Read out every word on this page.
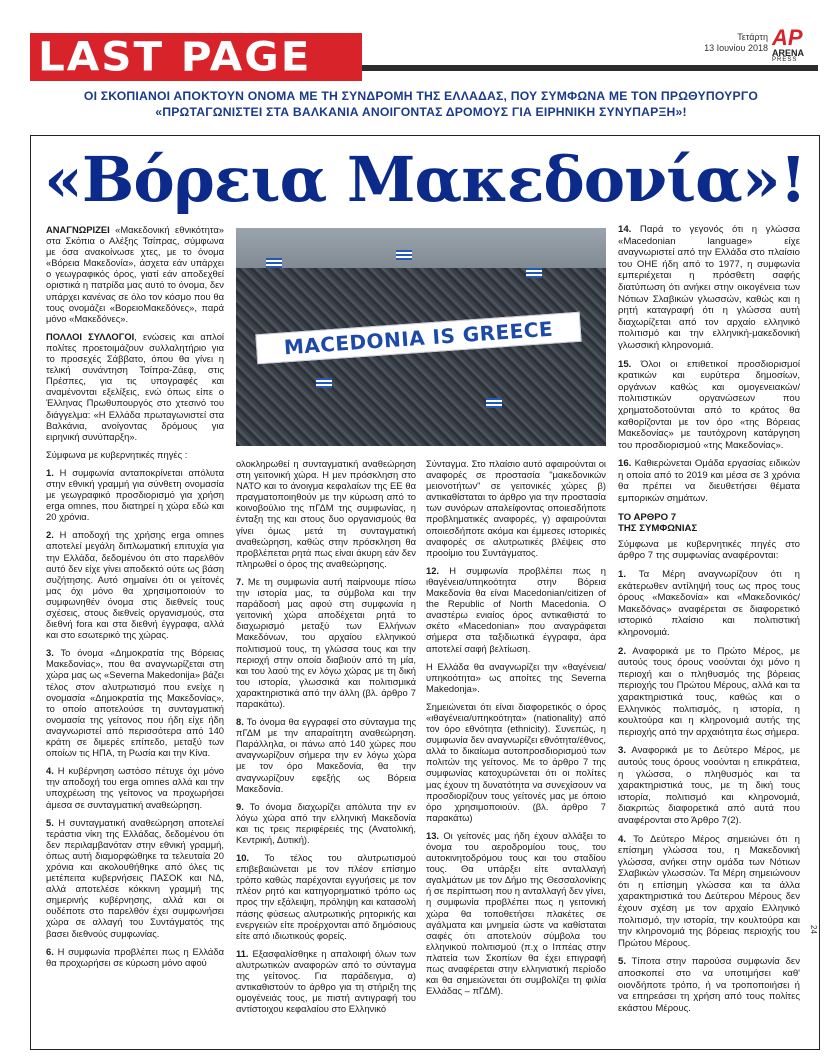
LAST PAGE	Τετάρτη
13 Ιουνίου 2018 AP
ARENA
PRESS
ΟΙ ΣΚΟΠΙΑΝΟΙ ΑΠΟΚΤΟΥΝ ΟΝΟΜΑ ΜΕ ΤΗ ΣΥΝΔΡΟΜΗ ΤΗΣ ΕΛΛΑΔΑΣ, ΠΟΥ ΣΥΜΦΩΝΑ ΜΕ ΤΟΝ ΠΡΩΘΥΠΟΥΡΓΟ «ΠΡΩΤΑΓΩΝΙΣΤΕΙ ΣΤΑ ΒΑΛΚΑΝΙΑ ΑΝΟΙΓΟΝΤΑΣ ΔΡΟΜΟΥΣ ΓΙΑ ΕΙΡΗΝΙΚΗ ΣΥΝΥΠΑΡΞΗ»!
«Βόρεια Μακεδονία»!
MACEDONIA IS GREECE

ΑΝΑΓΝΩΡΙΖΕΙ «Μακεδονική εθνικότητα» στα Σκόπια ο Αλέξης Τσίπρας, σύμφωνα με όσα ανακοίνωσε χτες, με το όνομα «Βόρεια Μακεδονία», άσχετα εάν υπάρχει ο γεωγραφικός όρος, γιατί εάν αποδεχθεί οριστικά η πατρίδα μας αυτό το όνομα, δεν υπάρχει κανένας σε όλο τον κόσμο που θα τους ονομάζει «ΒορειοΜακεδόνες», παρά μόνο «Μακεδόνες».

ΠΟΛΛΟΙ ΣΥΛΛΟΓΟΙ, ενώσεις και απλοί πολίτες προετοιμάζουν συλλαλητήριο για το προσεχές Σάββατο, όπου θα γίνει η τελική συνάντηση Τσίπρα-Ζάεφ, στις Πρέσπες, για τις υπογραφές και αναμένονται εξελίξεις, ενώ όπως είπε ο Έλληνας Πρωθυπουργός στο χτεσινό του διάγγελμα: «Η Ελλάδα πρωταγωνιστεί στα Βαλκάνια, ανοίγοντας δρόμους για ειρηνική συνύπαρξη».

Σύμφωνα με κυβερνητικές πηγές :

1. Η συμφωνία ανταποκρίνεται απόλυτα στην εθνική γραμμή για σύνθετη ονομασία με γεωγραφικό προσδιορισμό για χρήση erga omnes, που διατηρεί η χώρα εδώ και 20 χρόνια.

2. Η αποδοχή της χρήσης erga omnes αποτελεί μεγάλη διπλωματική επιτυχία για την Ελλάδα, δεδομένου ότι στο παρελθόν αυτό δεν είχε γίνει αποδεκτό ούτε ως βάση συζήτησης. Αυτό σημαίνει ότι οι γείτονές μας όχι μόνο θα χρησιμοποιούν το συμφωνηθέν όνομα στις διεθνείς τους σχέσεις, στους διεθνείς οργανισμούς, στα διεθνή fora και στα διεθνή έγγραφα, αλλά και στο εσωτερικό της χώρας.

3. Το όνομα «Δημοκρατία της Βόρειας Μακεδονίας», που θα αναγνωρίζεται στη χώρα μας ως «Severna Makedonija» βάζει τέλος στον αλυτρωτισμό που ενείχε η ονομασία «Δημοκρατία της Μακεδονίας», το οποίο αποτελούσε τη συνταγματική ονομασία της γείτονος που ήδη είχε ήδη αναγνωριστεί από περισσότερα από 140 κράτη σε διμερές επίπεδο, μεταξύ των οποίων τις ΗΠΑ, τη Ρωσία και την Κίνα.

4. Η κυβέρνηση ωστόσο πέτυχε όχι μόνο την αποδοχή του erga omnes αλλά και την υποχρέωση της γείτονος να προχωρήσει άμεσα σε συνταγματική αναθεώρηση.

5. Η συνταγματική αναθεώρηση αποτελεί τεράστια νίκη της Ελλάδας, δεδομένου ότι δεν περιλαμβανόταν στην εθνική γραμμή, όπως αυτή διαμορφώθηκε τα τελευταία 20 χρόνια και ακολουθήθηκε από όλες τις μετέπειτα κυβερνήσεις ΠΑΣΟΚ και ΝΔ, αλλά αποτελέσε κόκκινη γραμμή της σημερινής κυβέρνησης, αλλά και οι ουδέποτε στο παρελθόν έχει συμφωνήσει χώρα σε αλλαγή του Συντάγματός της βασει διεθνούς συμφωνίας.

6. Η συμφωνία προβλέπει πως η Ελλάδα θα προχωρήσει σε κύρωση μόνο αφού

ολοκληρωθεί η συνταγματική αναθεώρηση στη γειτονική χώρα. Η μεν πρόσκληση στο ΝΑΤΟ και το άνοιγμα κεφαλαίων της ΕΕ θα πραγματοποιηθούν με την κύρωση από το κοινοβούλιο της πΓΔΜ της συμφωνίας, η ένταξη της και στους δυο οργανισμούς θα γίνει όμως μετά τη συνταγματική αναθεώρηση, καθώς στην πρόσκληση θα προβλέπεται ρητά πως είναι άκυρη εάν δεν πληρωθεί ο όρος της αναθεώρησης.

7. Με τη συμφωνία αυτή παίρνουμε πίσω την ιστορία μας, τα σύμβολα και την παράδοσή μας αφού στη συμφωνία η γειτονική χώρα αποδέχεται ρητά το διαχωρισμό μεταξύ των Ελλήνων Μακεδόνων, του αρχαίου ελληνικού πολιτισμού τους, τη γλώσσα τους και την περιοχή στην οποία διαβιούν από τη μία, και του λαού της εν λόγω χώρας με τη δική του ιστορία, γλωσσικά και πολιτισμικά χαρακτηριστικά από την άλλη (βλ. άρθρο 7 παρακάτω).

8. Το όνομα θα εγγραφεί στο σύνταγμα της πΓΔΜ με την απαραίτητη αναθεώρηση. Παράλληλα, οι πάνω από 140 χώρες που αναγνωρίζουν σήμερα την εν λόγω χώρα με τον όρο Μακεδονία, θα την αναγνωρίζουν εφεξής ως Βόρεια Μακεδονία.

9. Το όνομα διαχωρίζει απόλυτα την εν λόγω χώρα από την ελληνική Μακεδονία και τις τρεις περιφέρειές της (Ανατολική, Κεντρική, Δυτική).

10. Το τέλος του αλυτρωτισμού επιβεβαιώνεται με τον πλέον επίσημο τρόπο καθώς παρέχονται εγγυήσεις με τον πλέον ρητό και κατηγορηματικό τρόπο ως προς την εξάλειψη, πρόληψη και κατασολή πάσης φύσεως αλυτρωτικής ρητορικής και ενεργειών είτε προέρχονται από δημόσιους είτε από ιδιωτικούς φορείς.

11. Εξασφαλίσθηκε η απαλοιφή όλων των αλυτρωτικών αναφορών από το σύνταγμα της γείτονος. Για παράδειγμα, α) αντικαθιστούν το άρθρο για τη στήριξη της ομογένειάς τους, με πιστή αντιγραφή του αντίστοιχου κεφαλαίου στο Ελληνικό

Σύνταγμα. Στο πλαίσιο αυτό αφαιρούνται οι αναφορές σε προστασία "μακεδονικών μειονοτήτων" σε γειτονικές χώρες β) αντικαθίσταται το άρθρο για την προστασία των συνόρων απαλείφοντας οποιεσδήποτε προβληματικές αναφορές, γ) αφαιρούνται οποιεσδήποτε ακόμα και έμμεσες ιστορικές αναφορές σε αλυτρωτικές βλέψεις στο προοίμιο του Συντάγματος.

12. Η συμφωνία προβλέπει πως η ιθαγένεια/υπηκοότητα στην Βόρεια Μακεδονία θα είναι Macedonian/citizen of the Republic of North Macedonia. Ο αναστέρω ενιαίος όρος αντικαθιστά το σκέτο «Macedonian» που αναγράφεται σήμερα στα ταξιδιωτικά έγγραφα, άρα αποτελεί σαφή βελτίωση.

Η Ελλάδα θα αναγνωρίζει την «θαγένεια/υπηκοότητα» ως αποίτες της Severna Makedonja».

Σημειώνεται ότι είναι διαφορετικός ο όρος «ιθαγένεια/υπηκοότητα» (nationality) από τον όρο εθνότητα (ethnicity). Συνεπώς, η συμφωνία δεν αναγνωρίζει εθνότητα/έθνος, αλλά το δικαίωμα αυτοπροσδιορισμού των πολιτών της γείτονος. Με το άρθρο 7 της συμφωνίας κατοχυρώνεται ότι οι πολίτες μας έχουν τη δυνατότητα να συνεχίσουν να προσδιορίζουν τους γείτονές μας με όποιο όρο χρησιμοποιούν. (βλ. άρθρο 7 παρακάτω)

13. Οι γείτονές μας ήδη έχουν αλλάξει το όνομα του αεροδρομίου τους, του αυτοκινητοδρόμου τους και του σταδίου τους. Θα υπάρξει είτε ανταλλαγή αγαλμάτων με τον Δήμο της Θεσσαλονίκης ή σε περίπτωση που η ανταλλαγή δεν γίνει, η συμφωνία προβλέπει πως η γειτονική χώρα θα τοποθετήσει πλακέτες σε αγάλματα και μνημεία ώστε να καθίσταται σαφές ότι αποτελούν σύμβολα του ελληνικού πολιτισμού (π.χ ο Ιππέας στην πλατεία των Σκοπίων θα έχει επιγραφή πως αναφέρεται στην ελληνιστική περίοδο και θα σημειώνεται ότι συμβολίζει τη φιλία Ελλάδας – πΓΔΜ).

14. Παρά το γεγονός ότι η γλώσσα «Macedonian language» είχε αναγνωριστεί από την Ελλάδα στο πλαίσιο του ΟΗΕ ήδη από το 1977, η συμφωνία εμπεριέχεται η πρόσθετη σαφής διατύπωση ότι ανήκει στην οικογένεια των Νότιων Σλαβικών γλωσσών, καθώς και η ρητή καταγραφή ότι η γλώσσα αυτή διαχωρίζεται από τον αρχαίο ελληνικό πολιτισμό και την ελληνική-μακεδονική γλωσσική κληρονομιά.

15. Όλοι οι επιθετικοί προσδιορισμοί κρατικών και ευρύτερα δημοσίων, οργάνων καθώς και ομογενειακών/πολιτιστικών οργανώσεων που χρηματοδοτούνται από το κράτος θα καθορίζονται με τον όρο «της Βόρειας Μακεδονίας» με ταυτόχρονη κατάργηση του προσδιορισμού «της Μακεδονίας».

16. Καθιερώνεται Ομάδα εργασίας ειδικών η οποία από το 2019 και μέσα σε 3 χρόνια θα πρέπει να διευθετήσει θέματα εμπορικών σημάτων.

ΤΟ ΑΡΘΡΟ 7
ΤΗΣ ΣΥΜΦΩΝΙΑΣ

Σύμφωνα με κυβερνητικές πηγές στο άρθρο 7 της συμφωνίας αναφέρονται:

1. Τα Μέρη αναγνωρίζουν ότι η εκάτερωθεν αντίληψή τους ως προς τους όρους «Μακεδονία» και «Μακεδονικός/Μακεδόνας» αναφέρεται σε διαφορετικό ιστορικό πλαίσιο και πολιτιστική κληρονομιά.

2. Αναφορικά με το Πρώτο Μέρος, με αυτούς τους όρους νοούνται όχι μόνο η περιοχή και ο πληθυσμός της βόρειας περιοχής του Πρώτου Μέρους, αλλά και τα χαρακτηριστικά τους, καθώς και ο Ελληνικός πολιτισμός, η ιστορία, η κουλτούρα και η κληρονομιά αυτής της περιοχής από την αρχαιότητα έως σήμερα.

3. Αναφορικά με το Δεύτερο Μέρος, με αυτούς τους όρους νοούνται η επικράτεια, η γλώσσα, ο πληθυσμός και τα χαρακτηριστικά τους, με τη δική τους ιστορία, πολιτισμό και κληρονομιά, διακριτώς διαφορετικά από αυτά που αναφέρονται στο Άρθρο 7(2).

4. Το Δεύτερο Μέρος σημειώνει ότι η επίσημη γλώσσα του, η Μακεδονική γλώσσα, ανήκει στην ομάδα των Νότιων Σλαβικών γλωσσών. Τα Μέρη σημειώνουν ότι η επίσημη γλώσσα και τα άλλα χαρακτηριστικά του Δεύτερου Μέρους δεν έχουν σχέση με τον αρχαίο Ελληνικό πολιτισμό, την ιστορία, την κουλτούρα και την κληρονομιά της βόρειας περιοχής του Πρώτου Μέρους.

5. Τίποτα στην παρούσα συμφωνία δεν αποσκοπεί στο να υποτιμήσει καθ' οιονδήποτε τρόπο, ή να τροποποιήσει ή να επηρεάσει τη χρήση από τους πολίτες εκάστου Μέρους.

24
